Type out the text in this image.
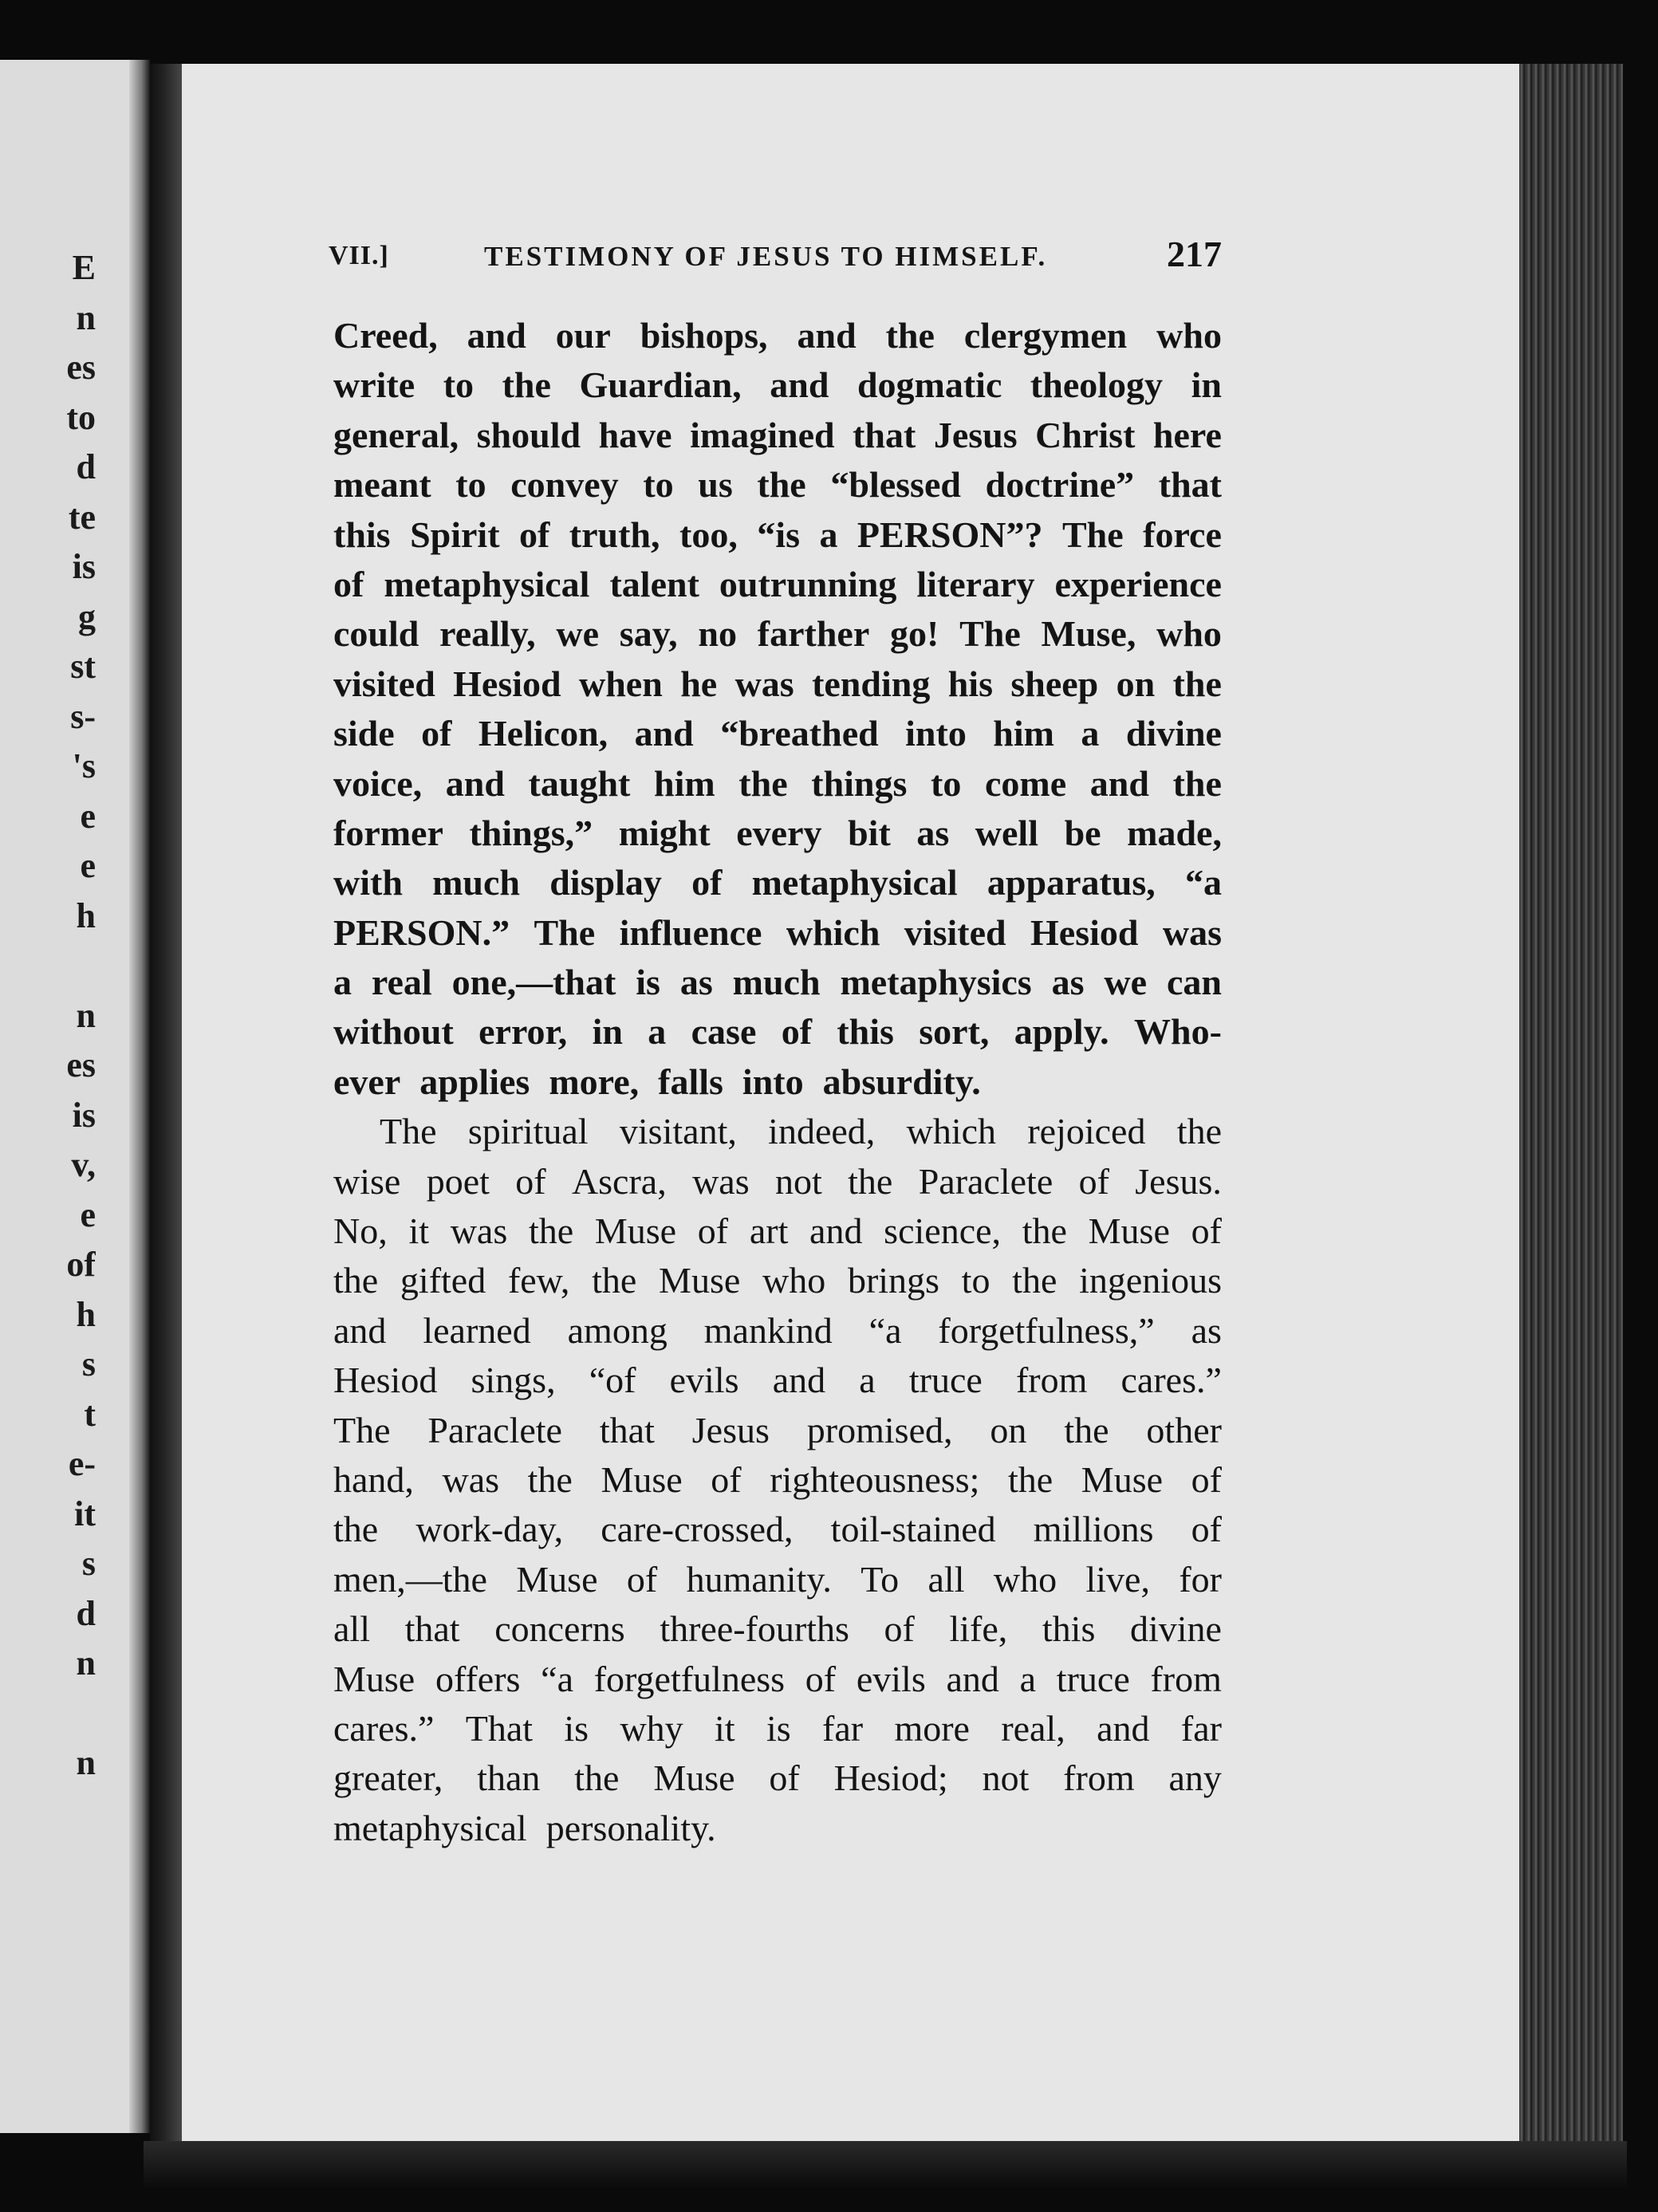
E
n
es
to
d
te
is
g
st
s-
's
e
e
h
n
es
is
v,
e
of
h
s
t
e-
it
s
d
n
n
VII.]	TESTIMONY OF JESUS TO HIMSELF.	217
Creed, and our bishops, and the clergymen who
write to the Guardian, and dogmatic theology in
general, should have imagined that Jesus Christ here
meant to convey to us the “blessed doctrine” that
this Spirit of truth, too, “is a PERSON”? The force
of metaphysical talent outrunning literary experience
could really, we say, no farther go! The Muse, who
visited Hesiod when he was tending his sheep on the
side of Helicon, and “breathed into him a divine
voice, and taught him the things to come and the
former things,” might every bit as well be made,
with much display of metaphysical apparatus, “a
PERSON.” The influence which visited Hesiod was
a real one,—that is as much metaphysics as we can
without error, in a case of this sort, apply. Who-
ever applies more, falls into absurdity.
The spiritual visitant, indeed, which rejoiced the
wise poet of Ascra, was not the Paraclete of Jesus.
No, it was the Muse of art and science, the Muse of
the gifted few, the Muse who brings to the ingenious
and learned among mankind “a forgetfulness,” as
Hesiod sings, “of evils and a truce from cares.”
The Paraclete that Jesus promised, on the other
hand, was the Muse of righteousness; the Muse of
the work-day, care-crossed, toil-stained millions of
men,—the Muse of humanity. To all who live, for
all that concerns three-fourths of life, this divine
Muse offers “a forgetfulness of evils and a truce from
cares.” That is why it is far more real, and far
greater, than the Muse of Hesiod; not from any
metaphysical personality.
